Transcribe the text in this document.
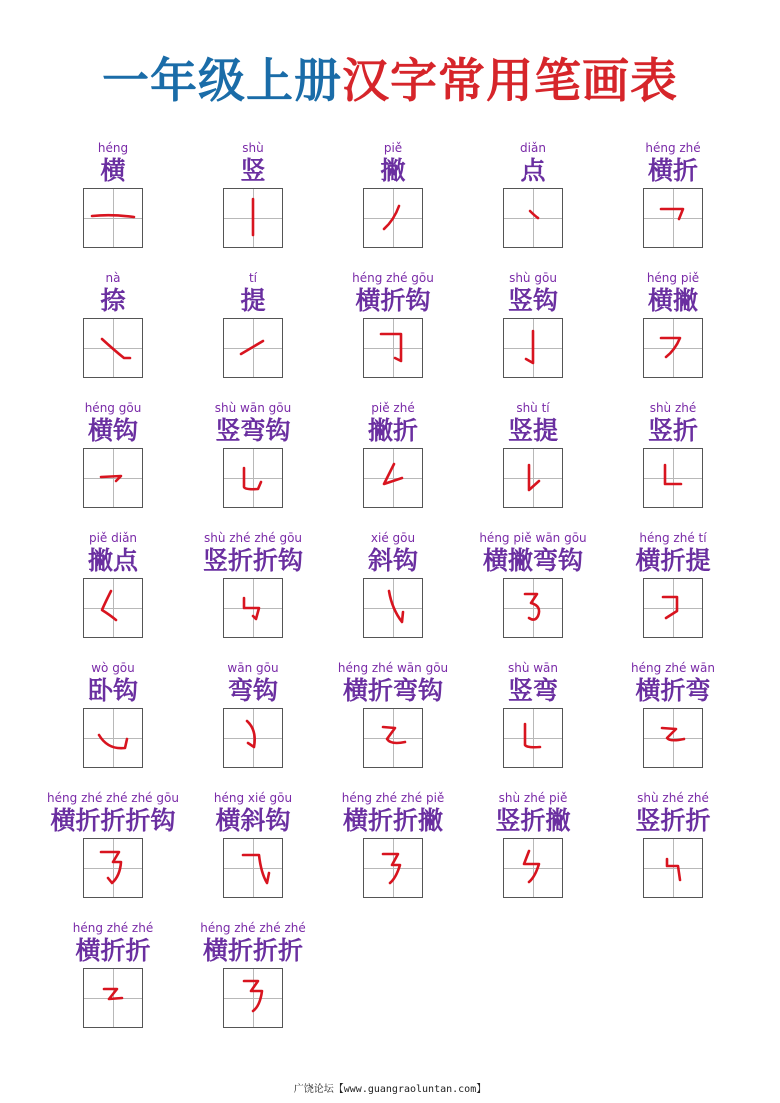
一年级上册汉字常用笔画表
héng
横
shù
竖
piě
撇
diǎn
点
héng zhé
横折
nà
捺
tí
提
héng zhé gōu
横折钩
shù gōu
竖钩
héng piě
横撇
héng gōu
横钩
shù wān gōu
竖弯钩
piě zhé
撇折
shù tí
竖提
shù zhé
竖折
piě diǎn
撇点
shù zhé zhé gōu
竖折折钩
xié gōu
斜钩
héng piě wān gōu
横撇弯钩
héng zhé tí
横折提
wò gōu
卧钩
wān gōu
弯钩
héng zhé wān gōu
横折弯钩
shù wān
竖弯
héng zhé wān
横折弯
héng zhé zhé zhé gōu
横折折折钩
héng xié gōu
横斜钩
héng zhé zhé piě
横折折撇
shù zhé piě
竖折撇
shù zhé zhé
竖折折
héng zhé zhé
横折折
héng zhé zhé zhé
横折折折
广饶论坛【www.guangraoluntan.com】
